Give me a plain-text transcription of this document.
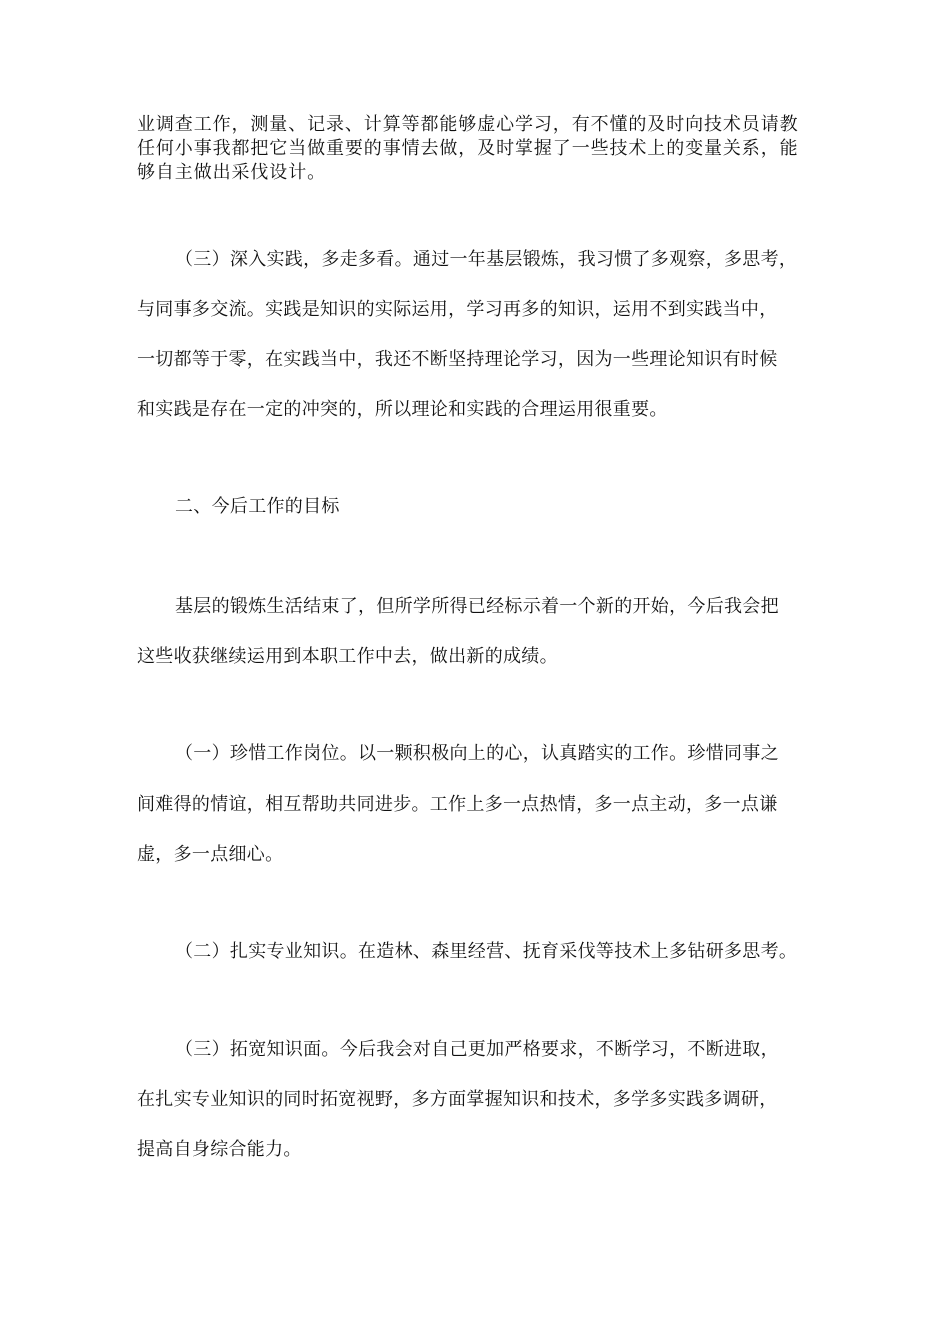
业调查工作，测量、记录、计算等都能够虚心学习，有不懂的及时向技术员请教
任何小事我都把它当做重要的事情去做，及时掌握了一些技术上的变量关系，能
够自主做出采伐设计。
（三）深入实践，多走多看。通过一年基层锻炼，我习惯了多观察，多思考，
与同事多交流。实践是知识的实际运用，学习再多的知识，运用不到实践当中，
一切都等于零，在实践当中，我还不断坚持理论学习，因为一些理论知识有时候
和实践是存在一定的冲突的，所以理论和实践的合理运用很重要。
二、今后工作的目标
基层的锻炼生活结束了，但所学所得已经标示着一个新的开始，今后我会把
这些收获继续运用到本职工作中去，做出新的成绩。
（一）珍惜工作岗位。以一颗积极向上的心，认真踏实的工作。珍惜同事之
间难得的情谊，相互帮助共同进步。工作上多一点热情，多一点主动，多一点谦
虚，多一点细心。
（二）扎实专业知识。在造林、森里经营、抚育采伐等技术上多钻研多思考。
（三）拓宽知识面。今后我会对自己更加严格要求，不断学习，不断进取，
在扎实专业知识的同时拓宽视野，多方面掌握知识和技术，多学多实践多调研，
提高自身综合能力。
